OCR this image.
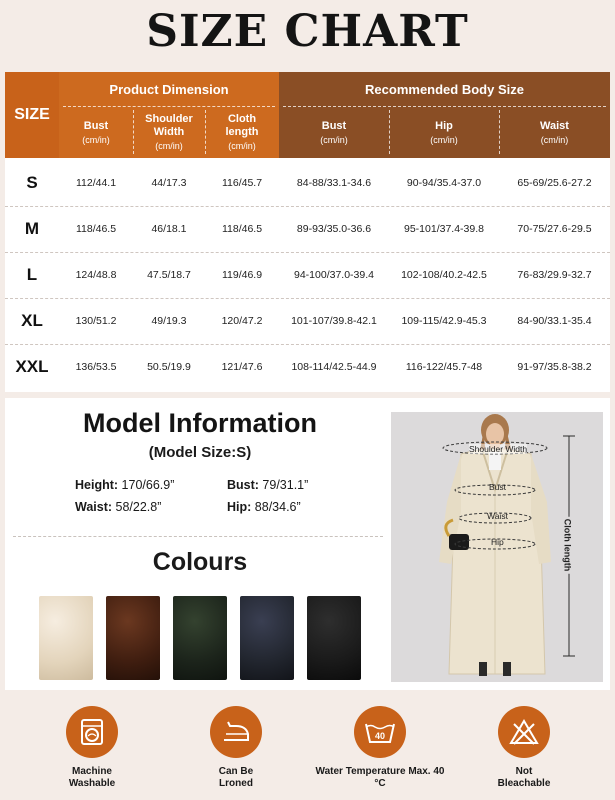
SIZE CHART
SIZE
Product Dimension	Recommended Body Size
Bust
(cm/in)
Shoulder Width
(cm/in)
Cloth length
(cm/in)
Bust
(cm/in)
Hip
(cm/in)
Waist
(cm/in)
S	112/44.1	44/17.3	116/45.7	84-88/33.1-34.6	90-94/35.4-37.0	65-69/25.6-27.2
M	118/46.5	46/18.1	118/46.5	89-93/35.0-36.6	95-101/37.4-39.8	70-75/27.6-29.5
L	124/48.8	47.5/18.7	119/46.9	94-100/37.0-39.4	102-108/40.2-42.5	76-83/29.9-32.7
XL	130/51.2	49/19.3	120/47.2	101-107/39.8-42.1	109-115/42.9-45.3	84-90/33.1-35.4
XXL	136/53.5	50.5/19.9	121/47.6	108-114/42.5-44.9	116-122/45.7-48	91-97/35.8-38.2
Model Information
(Model Size:S)
Height: 170/66.9”	Bust: 79/31.1”
Waist: 58/22.8”	Hip: 88/34.6”
Colours
Shoulder Width
Bust
Waist
Hip	Cloth length
Machine Washable
Can Be Lroned
40
Water Temperature Max. 40 °C
Not Bleachable
